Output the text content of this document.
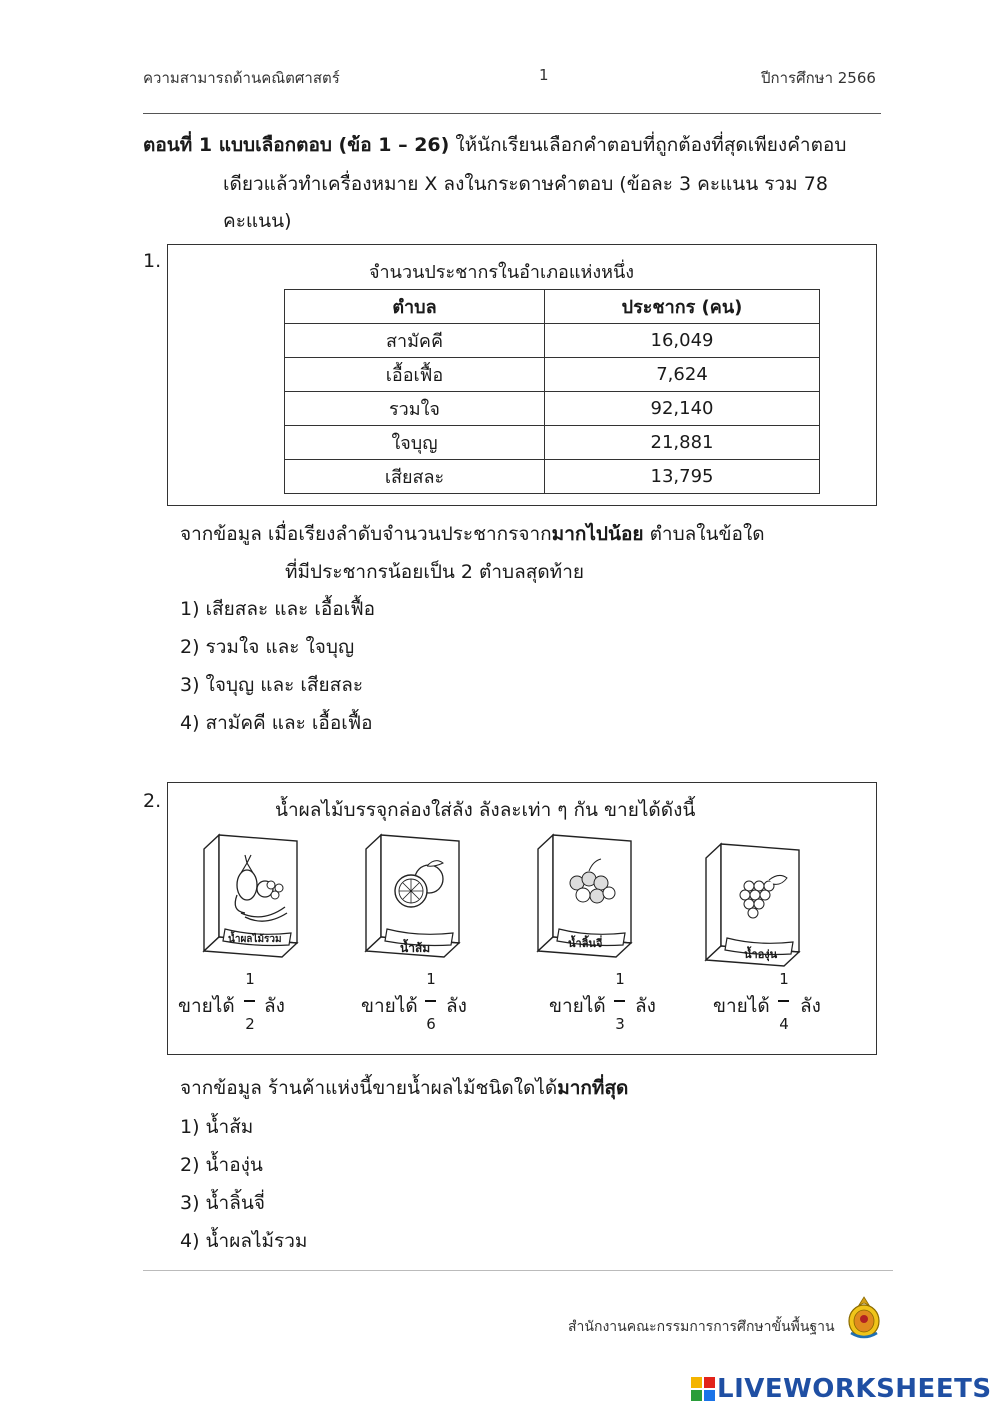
ความสามารถด้านคณิตศาสตร์	1	ปีการศึกษา 2566
ตอนที่ 1 แบบเลือกตอบ (ข้อ 1 – 26) ให้นักเรียนเลือกคำตอบที่ถูกต้องที่สุดเพียงคำตอบ
เดียวแล้วทำเครื่องหมาย X ลงในกระดาษคำตอบ (ข้อละ 3 คะแนน รวม 78
คะแนน)
1.
จำนวนประชากรในอำเภอแห่งหนึ่ง
ตำบล	ประชากร (คน)
สามัคคี	16,049
เอื้อเฟื้อ	7,624
รวมใจ	92,140
ใจบุญ	21,881
เสียสละ	13,795
จากข้อมูล เมื่อเรียงลำดับจำนวนประชากรจากมากไปน้อย ตำบลในข้อใด
ที่มีประชากรน้อยเป็น 2 ตำบลสุดท้าย
1) เสียสละ และ เอื้อเฟื้อ
2) รวมใจ และ ใจบุญ
3) ใจบุญ และ เสียสละ
4) สามัคคี และ เอื้อเฟื้อ
2.	น้ำผลไม้บรรจุกล่องใส่ลัง ลังละเท่า ๆ กัน ขายได้ดังนี้
น้ำผลไม้รวม
น้ำส้ม	น้ำลิ้นจี่
น้ำองุ่น
ขายได้
1
2
ลัง	ขายได้
1
6
ลัง	ขายได้
1
3
ลัง	ขายได้
1
4
ลัง
จากข้อมูล ร้านค้าแห่งนี้ขายน้ำผลไม้ชนิดใดได้มากที่สุด
1) น้ำส้ม
2) น้ำองุ่น
3) น้ำลิ้นจี่
4) น้ำผลไม้รวม
สำนักงานคณะกรรมการการศึกษาขั้นพื้นฐาน
LIVEWORKSHEETS
